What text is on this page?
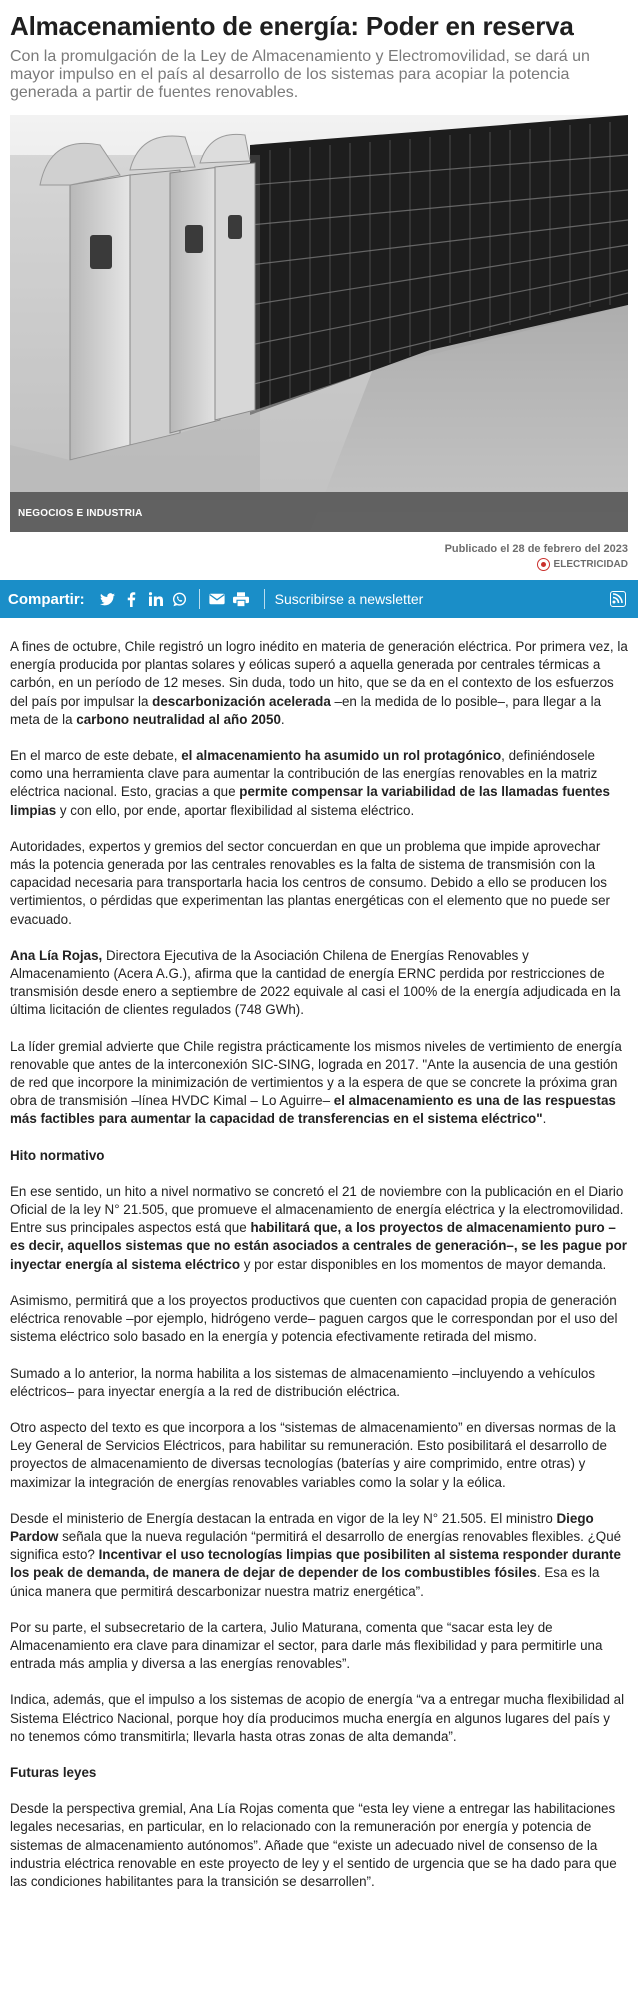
Almacenamiento de energía: Poder en reserva

Con la promulgación de la Ley de Almacenamiento y Electromovilidad, se dará un mayor impulso en el país al desarrollo de los sistemas para acopiar la potencia generada a partir de fuentes renovables.

NEGOCIOS E INDUSTRIA
Publicado el 28 de febrero del 2023
ELECTRICIDAD
Compartir:	Suscribirse a newsletter

A fines de octubre, Chile registró un logro inédito en materia de generación eléctrica. Por primera vez, la energía producida por plantas solares y eólicas superó a aquella generada por centrales térmicas a carbón, en un período de 12 meses. Sin duda, todo un hito, que se da en el contexto de los esfuerzos del país por impulsar la descarbonización acelerada –en la medida de lo posible–, para llegar a la meta de la carbono neutralidad al año 2050.

En el marco de este debate, el almacenamiento ha asumido un rol protagónico, definiéndosele como una herramienta clave para aumentar la contribución de las energías renovables en la matriz eléctrica nacional. Esto, gracias a que permite compensar la variabilidad de las llamadas fuentes limpias y con ello, por ende, aportar flexibilidad al sistema eléctrico.

Autoridades, expertos y gremios del sector concuerdan en que un problema que impide aprovechar más la potencia generada por las centrales renovables es la falta de sistema de transmisión con la capacidad necesaria para transportarla hacia los centros de consumo. Debido a ello se producen los vertimientos, o pérdidas que experimentan las plantas energéticas con el elemento que no puede ser evacuado.

Ana Lía Rojas, Directora Ejecutiva de la Asociación Chilena de Energías Renovables y Almacenamiento (Acera A.G.), afirma que la cantidad de energía ERNC perdida por restricciones de transmisión desde enero a septiembre de 2022 equivale al casi el 100% de la energía adjudicada en la última licitación de clientes regulados (748 GWh).

La líder gremial advierte que Chile registra prácticamente los mismos niveles de vertimiento de energía renovable que antes de la interconexión SIC-SING, lograda en 2017. "Ante la ausencia de una gestión de red que incorpore la minimización de vertimientos y a la espera de que se concrete la próxima gran obra de transmisión –línea HVDC Kimal – Lo Aguirre– el almacenamiento es una de las respuestas más factibles para aumentar la capacidad de transferencias en el sistema eléctrico".

Hito normativo

En ese sentido, un hito a nivel normativo se concretó el 21 de noviembre con la publicación en el Diario Oficial de la ley N° 21.505, que promueve el almacenamiento de energía eléctrica y la electromovilidad. Entre sus principales aspectos está que habilitará que, a los proyectos de almacenamiento puro –es decir, aquellos sistemas que no están asociados a centrales de generación–, se les pague por inyectar energía al sistema eléctrico y por estar disponibles en los momentos de mayor demanda.

Asimismo, permitirá que a los proyectos productivos que cuenten con capacidad propia de generación eléctrica renovable –por ejemplo, hidrógeno verde– paguen cargos que le correspondan por el uso del sistema eléctrico solo basado en la energía y potencia efectivamente retirada del mismo.

Sumado a lo anterior, la norma habilita a los sistemas de almacenamiento –incluyendo a vehículos eléctricos– para inyectar energía a la red de distribución eléctrica.

Otro aspecto del texto es que incorpora a los “sistemas de almacenamiento” en diversas normas de la Ley General de Servicios Eléctricos, para habilitar su remuneración. Esto posibilitará el desarrollo de proyectos de almacenamiento de diversas tecnologías (baterías y aire comprimido, entre otras) y maximizar la integración de energías renovables variables como la solar y la eólica.

Desde el ministerio de Energía destacan la entrada en vigor de la ley N° 21.505. El ministro Diego Pardow señala que la nueva regulación “permitirá el desarrollo de energías renovables flexibles. ¿Qué significa esto? Incentivar el uso tecnologías limpias que posibiliten al sistema responder durante los peak de demanda, de manera de dejar de depender de los combustibles fósiles. Esa es la única manera que permitirá descarbonizar nuestra matriz energética”.

Por su parte, el subsecretario de la cartera, Julio Maturana, comenta que “sacar esta ley de Almacenamiento era clave para dinamizar el sector, para darle más flexibilidad y para permitirle una entrada más amplia y diversa a las energías renovables”.

Indica, además, que el impulso a los sistemas de acopio de energía “va a entregar mucha flexibilidad al Sistema Eléctrico Nacional, porque hoy día producimos mucha energía en algunos lugares del país y no tenemos cómo transmitirla; llevarla hasta otras zonas de alta demanda”.

Futuras leyes

Desde la perspectiva gremial, Ana Lía Rojas comenta que “esta ley viene a entregar las habilitaciones legales necesarias, en particular, en lo relacionado con la remuneración por energía y potencia de sistemas de almacenamiento autónomos”. Añade que “existe un adecuado nivel de consenso de la industria eléctrica renovable en este proyecto de ley y el sentido de urgencia que se ha dado para que las condiciones habilitantes para la transición se desarrollen”.
